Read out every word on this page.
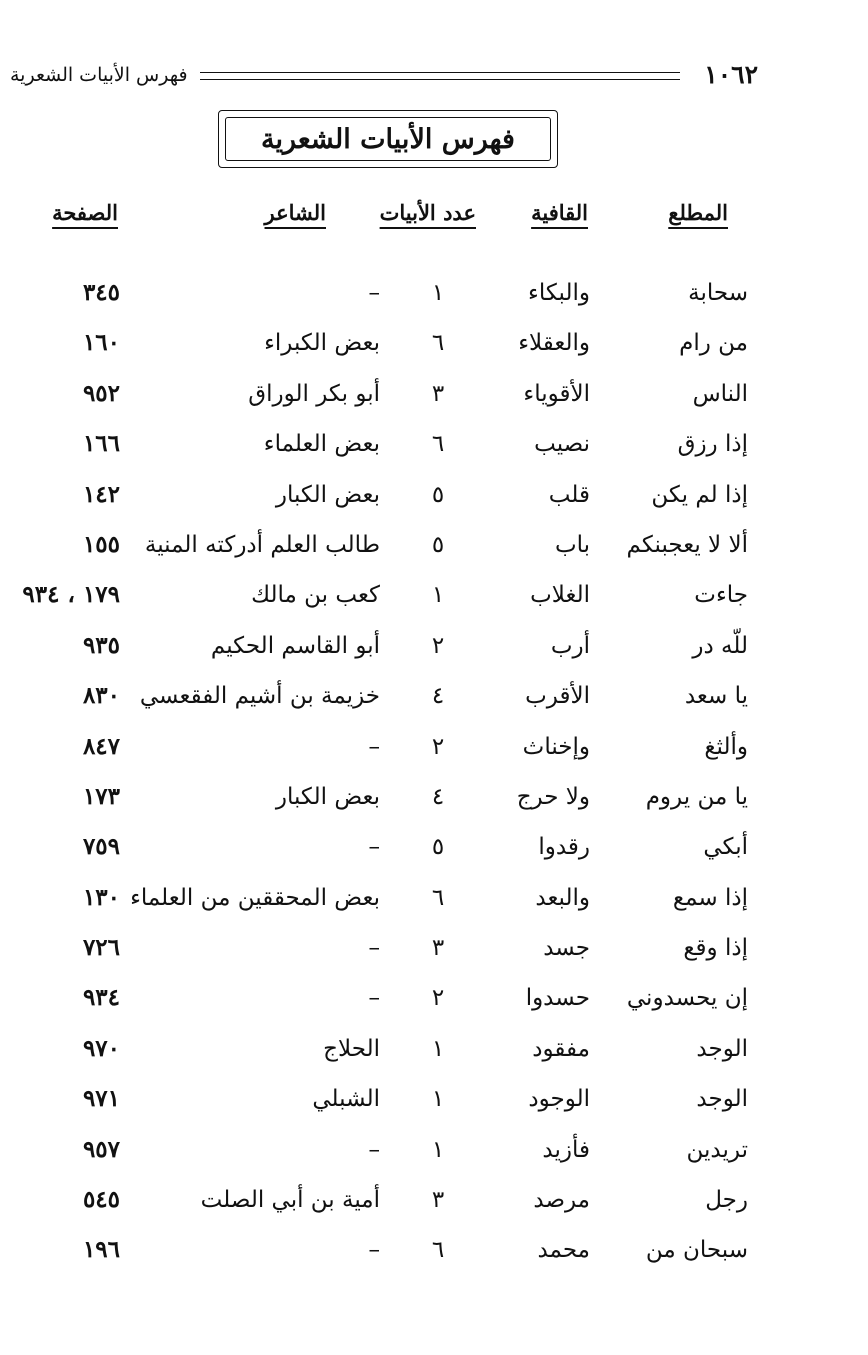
١٠٦٢
فهرس الأبيات الشعرية
فهرس الأبيات الشعرية
المطلع
القافية
عدد الأبيات
الشاعر
الصفحة
سحابة
والبكاء
١
–
٣٤٥
من رام
والعقلاء
٦
بعض الكبراء
١٦٠
الناس
الأقوياء
٣
أبو بكر الوراق
٩٥٢
إذا رزق
نصيب
٦
بعض العلماء
١٦٦
إذا لم يكن
قلب
٥
بعض الكبار
١٤٢
ألا لا يعجبنكم
باب
٥
طالب العلم أدركته المنية
١٥٥
جاءت
الغلاب
١
كعب بن مالك
١٧٩ ، ٩٣٤
للّه در
أرب
٢
أبو القاسم الحكيم
٩٣٥
يا سعد
الأقرب
٤
خزيمة بن أشيم الفقعسي
٨٣٠
وألثغ
وإخناث
٢
–
٨٤٧
يا من يروم
ولا حرج
٤
بعض الكبار
١٧٣
أبكي
رقدوا
٥
–
٧٥٩
إذا سمع
والبعد
٦
بعض المحققين من العلماء
١٣٠
إذا وقع
جسد
٣
–
٧٢٦
إن يحسدوني
حسدوا
٢
–
٩٣٤
الوجد
مفقود
١
الحلاج
٩٧٠
الوجد
الوجود
١
الشبلي
٩٧١
تريدين
فأزيد
١
–
٩٥٧
رجل
مرصد
٣
أمية بن أبي الصلت
٥٤٥
سبحان من
محمد
٦
–
١٩٦
